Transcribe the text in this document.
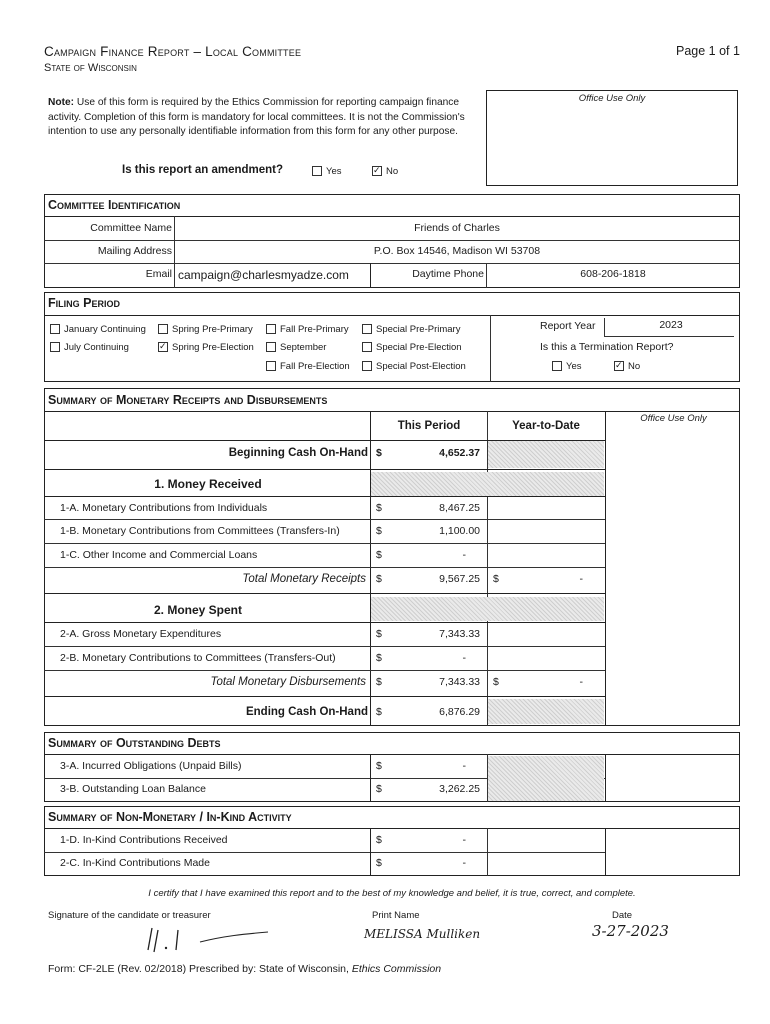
Campaign Finance Report – Local Committee
State of Wisconsin
Page 1 of 1
Note: Use of this form is required by the Ethics Commission for reporting campaign finance activity. Completion of this form is mandatory for local committees. It is not the Commission's intention to use any personally identifiable information from this form for any other purpose.
Office Use Only
Is this report an amendment?	Yes ✓	No
Committee Identification
Committee Name	Friends of Charles
Mailing Address	P.O. Box 14546, Madison WI 53708
Email campaign@charlesmyadze.com	Daytime Phone	608-206-1818
Filing Period
January Continuing
July Continuing
Spring Pre-Primary
✓Spring Pre-Election
Fall Pre-Primary
September
Fall Pre-Election
Special Pre-Primary
Special Pre-Election
Special Post-Election
Report Year	2023
Is this a Termination Report?
Yes ✓	No
Summary of Monetary Receipts and Disbursements
Office Use Only
This Period	Year-to-Date
Beginning Cash On-Hand $	4,652.37
1. Money Received
1-A. Monetary Contributions from Individuals	$	8,467.25
1-B. Monetary Contributions from Committees (Transfers-In)	$	1,100.00
1-C. Other Income and Commercial Loans	$	-
Total Monetary Receipts $	9,567.25 $	-
2. Money Spent
2-A. Gross Monetary Expenditures	$	7,343.33
2-B. Monetary Contributions to Committees (Transfers-Out)	$	-
Total Monetary Disbursements $	7,343.33 $	-
Ending Cash On-Hand $	6,876.29
Summary of Outstanding Debts
3-A. Incurred Obligations (Unpaid Bills)	$	-
3-B. Outstanding Loan Balance	$	3,262.25
Summary of Non-Monetary / In-Kind Activity
1-D. In-Kind Contributions Received	$	-
2-C. In-Kind Contributions Made	$	-
I certify that I have examined this report and to the best of my knowledge and belief, it is true, correct, and complete.
Signature of the candidate or treasurer	Print Name
MELISSA Mulliken
Date
3-27-2023
Form: CF-2LE (Rev. 02/2018) Prescribed by: State of Wisconsin, Ethics Commission
